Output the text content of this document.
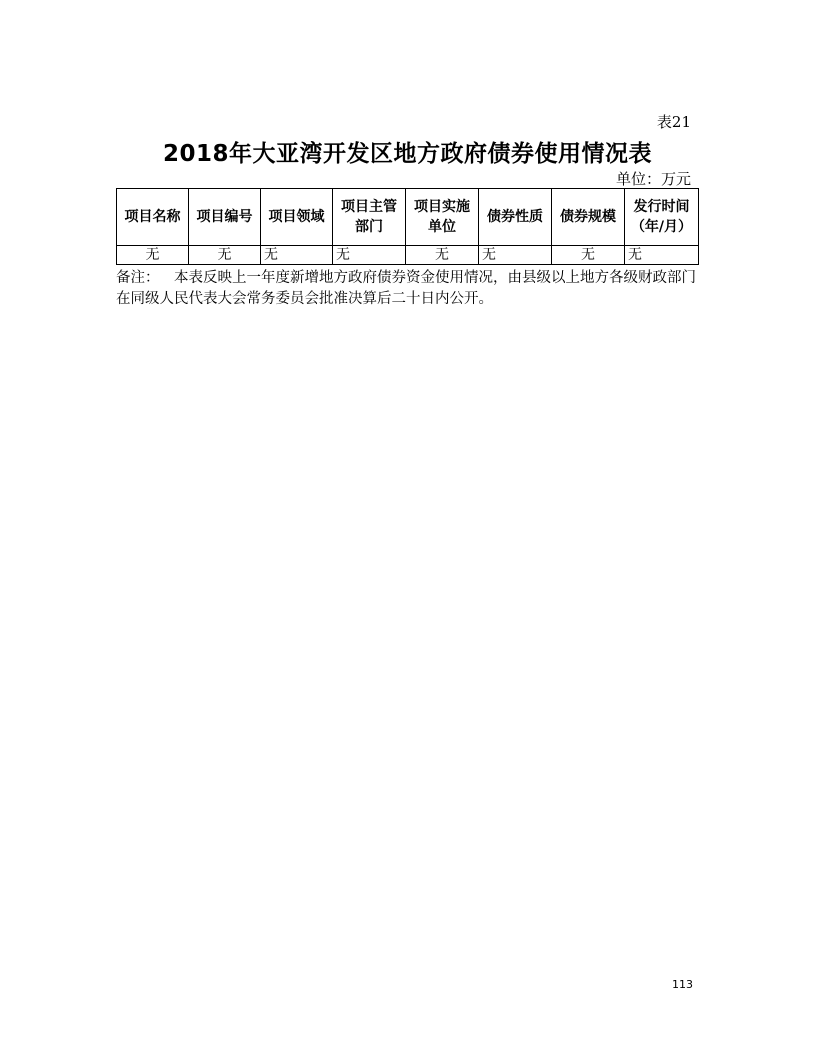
表21
2018年大亚湾开发区地方政府债券使用情况表
单位：万元
项目名称	项目编号	项目领域	项目主管部门	项目实施单位	债券性质	债券规模	发行时间（年/月）
无	无	无	无	无	无	无	无
备注： 本表反映上一年度新增地方政府债券资金使用情况，由县级以上地方各级财政部门在同级人民代表大会常务委员会批准决算后二十日内公开。
113
